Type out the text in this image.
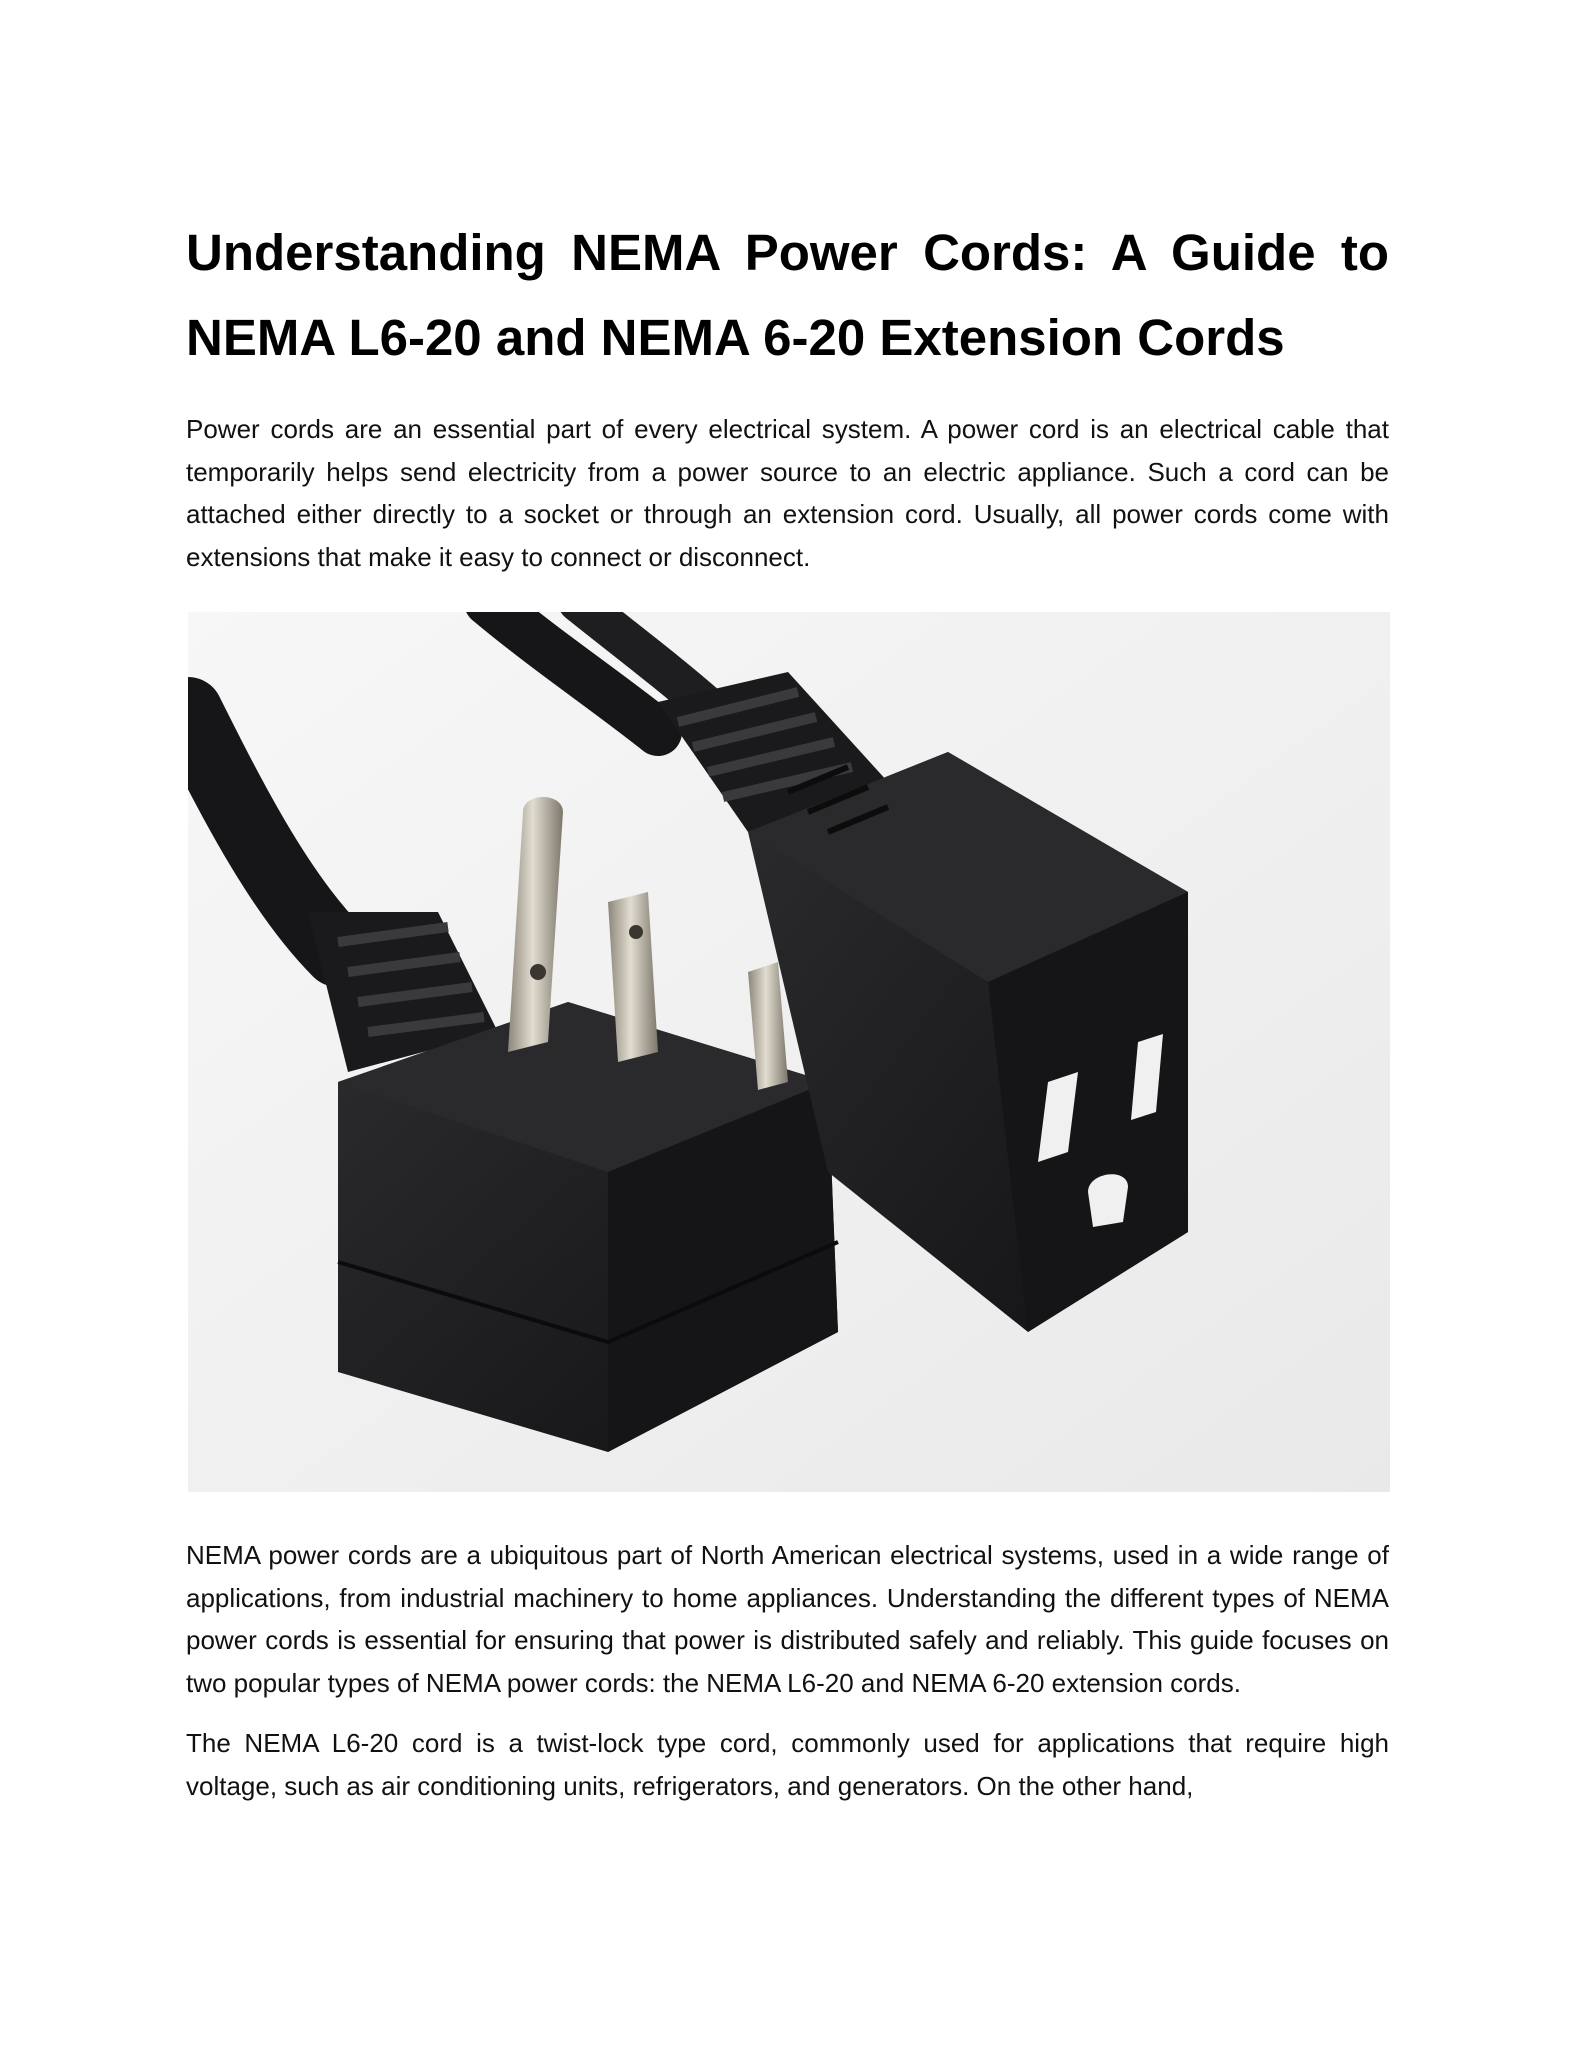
Understanding NEMA Power Cords: A Guide to NEMA L6-20 and NEMA 6-20 Extension Cords

Power cords are an essential part of every electrical system. A power cord is an electrical cable that temporarily helps send electricity from a power source to an electric appliance. Such a cord can be attached either directly to a socket or through an extension cord. Usually, all power cords come with extensions that make it easy to connect or disconnect.

NEMA power cords are a ubiquitous part of North American electrical systems, used in a wide range of applications, from industrial machinery to home appliances. Understanding the different types of NEMA power cords is essential for ensuring that power is distributed safely and reliably. This guide focuses on two popular types of NEMA power cords: the NEMA L6-20 and NEMA 6-20 extension cords.

The NEMA L6-20 cord is a twist-lock type cord, commonly used for applications that require high voltage, such as air conditioning units, refrigerators, and generators. On the other hand,
